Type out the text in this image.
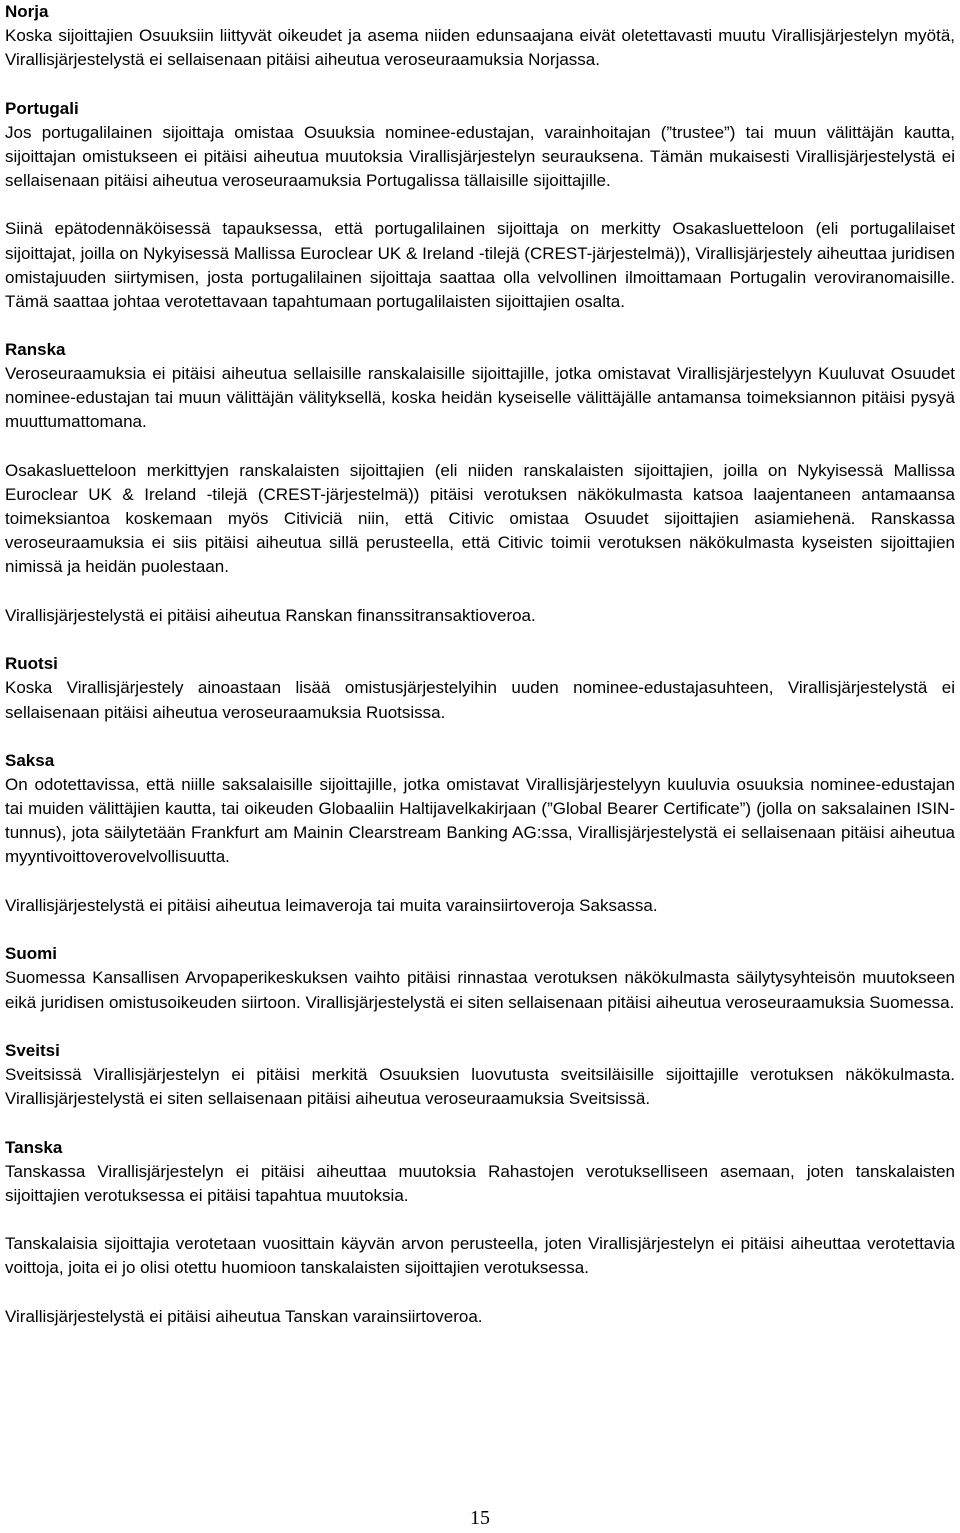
Norja

Koska sijoittajien Osuuksiin liittyvät oikeudet ja asema niiden edunsaajana eivät oletettavasti muutu Virallisjärjestelyn myötä, Virallisjärjestelystä ei sellaisenaan pitäisi aiheutua veroseuraamuksia Norjassa.

Portugali

Jos portugalilainen sijoittaja omistaa Osuuksia nominee-edustajan, varainhoitajan (”trustee”) tai muun välittäjän kautta, sijoittajan omistukseen ei pitäisi aiheutua muutoksia Virallisjärjestelyn seurauksena. Tämän mukaisesti Virallisjärjestelystä ei sellaisenaan pitäisi aiheutua veroseuraamuksia Portugalissa tällaisille sijoittajille.

Siinä epätodennäköisessä tapauksessa, että portugalilainen sijoittaja on merkitty Osakasluetteloon (eli portugalilaiset sijoittajat, joilla on Nykyisessä Mallissa Euroclear UK & Ireland -tilejä (CREST-järjestelmä)), Virallisjärjestely aiheuttaa juridisen omistajuuden siirtymisen, josta portugalilainen sijoittaja saattaa olla velvollinen ilmoittamaan Portugalin veroviranomaisille. Tämä saattaa johtaa verotettavaan tapahtumaan portugalilaisten sijoittajien osalta.

Ranska

Veroseuraamuksia ei pitäisi aiheutua sellaisille ranskalaisille sijoittajille, jotka omistavat Virallisjärjestelyyn Kuuluvat Osuudet nominee-edustajan tai muun välittäjän välityksellä, koska heidän kyseiselle välittäjälle antamansa toimeksiannon pitäisi pysyä muuttumattomana.

Osakasluetteloon merkittyjen ranskalaisten sijoittajien (eli niiden ranskalaisten sijoittajien, joilla on Nykyisessä Mallissa Euroclear UK & Ireland -tilejä (CREST-järjestelmä)) pitäisi verotuksen näkökulmasta katsoa laajentaneen antamaansa toimeksiantoa koskemaan myös Citiviciä niin, että Citivic omistaa Osuudet sijoittajien asiamiehenä. Ranskassa veroseuraamuksia ei siis pitäisi aiheutua sillä perusteella, että Citivic toimii verotuksen näkökulmasta kyseisten sijoittajien nimissä ja heidän puolestaan.

Virallisjärjestelystä ei pitäisi aiheutua Ranskan finanssitransaktioveroa.

Ruotsi

Koska Virallisjärjestely ainoastaan lisää omistusjärjestelyihin uuden nominee-edustajasuhteen, Virallisjärjestelystä ei sellaisenaan pitäisi aiheutua veroseuraamuksia Ruotsissa.

Saksa

On odotettavissa, että niille saksalaisille sijoittajille, jotka omistavat Virallisjärjestelyyn kuuluvia osuuksia nominee-edustajan tai muiden välittäjien kautta, tai oikeuden Globaaliin Haltijavelkakirjaan (”Global Bearer Certificate”) (jolla on saksalainen ISIN-tunnus), jota säilytetään Frankfurt am Mainin Clearstream Banking AG:ssa, Virallisjärjestelystä ei sellaisenaan pitäisi aiheutua myyntivoittoverovelvollisuutta.

Virallisjärjestelystä ei pitäisi aiheutua leimaveroja tai muita varainsiirtoveroja Saksassa.

Suomi

Suomessa Kansallisen Arvopaperikeskuksen vaihto pitäisi rinnastaa verotuksen näkökulmasta säilytysyhteisön muutokseen eikä juridisen omistusoikeuden siirtoon. Virallisjärjestelystä ei siten sellaisenaan pitäisi aiheutua veroseuraamuksia Suomessa.

Sveitsi

Sveitsissä Virallisjärjestelyn ei pitäisi merkitä Osuuksien luovutusta sveitsiläisille sijoittajille verotuksen näkökulmasta. Virallisjärjestelystä ei siten sellaisenaan pitäisi aiheutua veroseuraamuksia Sveitsissä.

Tanska

Tanskassa Virallisjärjestelyn ei pitäisi aiheuttaa muutoksia Rahastojen verotukselliseen asemaan, joten tanskalaisten sijoittajien verotuksessa ei pitäisi tapahtua muutoksia.

Tanskalaisia sijoittajia verotetaan vuosittain käyvän arvon perusteella, joten Virallisjärjestelyn ei pitäisi aiheuttaa verotettavia voittoja, joita ei jo olisi otettu huomioon tanskalaisten sijoittajien verotuksessa.

Virallisjärjestelystä ei pitäisi aiheutua Tanskan varainsiirtoveroa.

15
